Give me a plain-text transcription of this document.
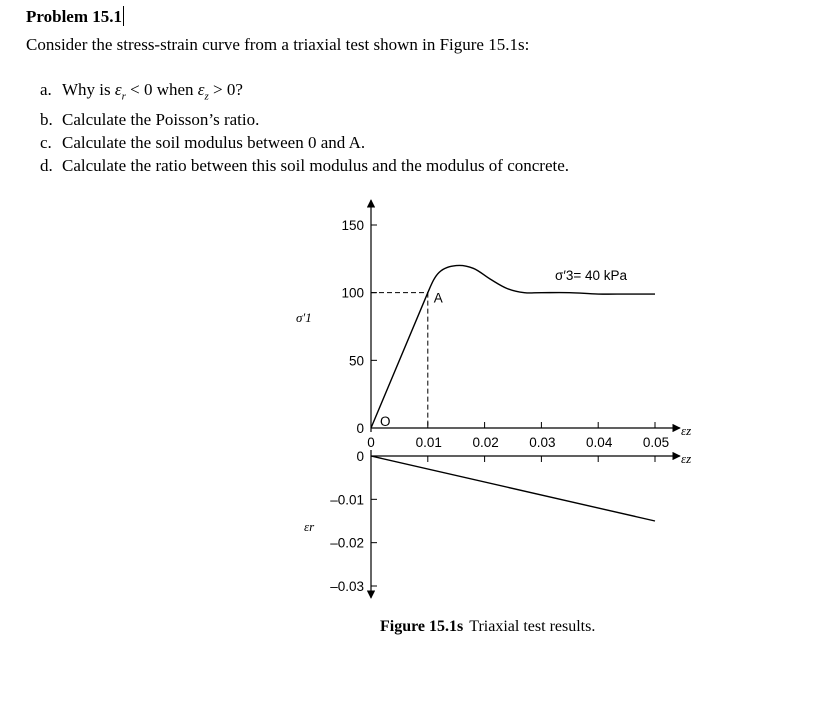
Problem 15.1
Consider the stress-strain curve from a triaxial test shown in Figure 15.1s:
a. Why is $\varepsilon_r < 0$ when $\varepsilon_z > 0$?
b. Calculate the Poisson’s ratio.
c. Calculate the soil modulus between 0 and A.
d. Calculate the ratio between this soil modulus and the modulus of concrete.
150
100
50
0
0	0.01 0.02 0.03 0.04 0.05
A
O
σ′3= 40 kPa
σ′1
εz
0
–0.01
–0.02
–0.03
εr
εz
Figure 15.1s Triaxial test results.
